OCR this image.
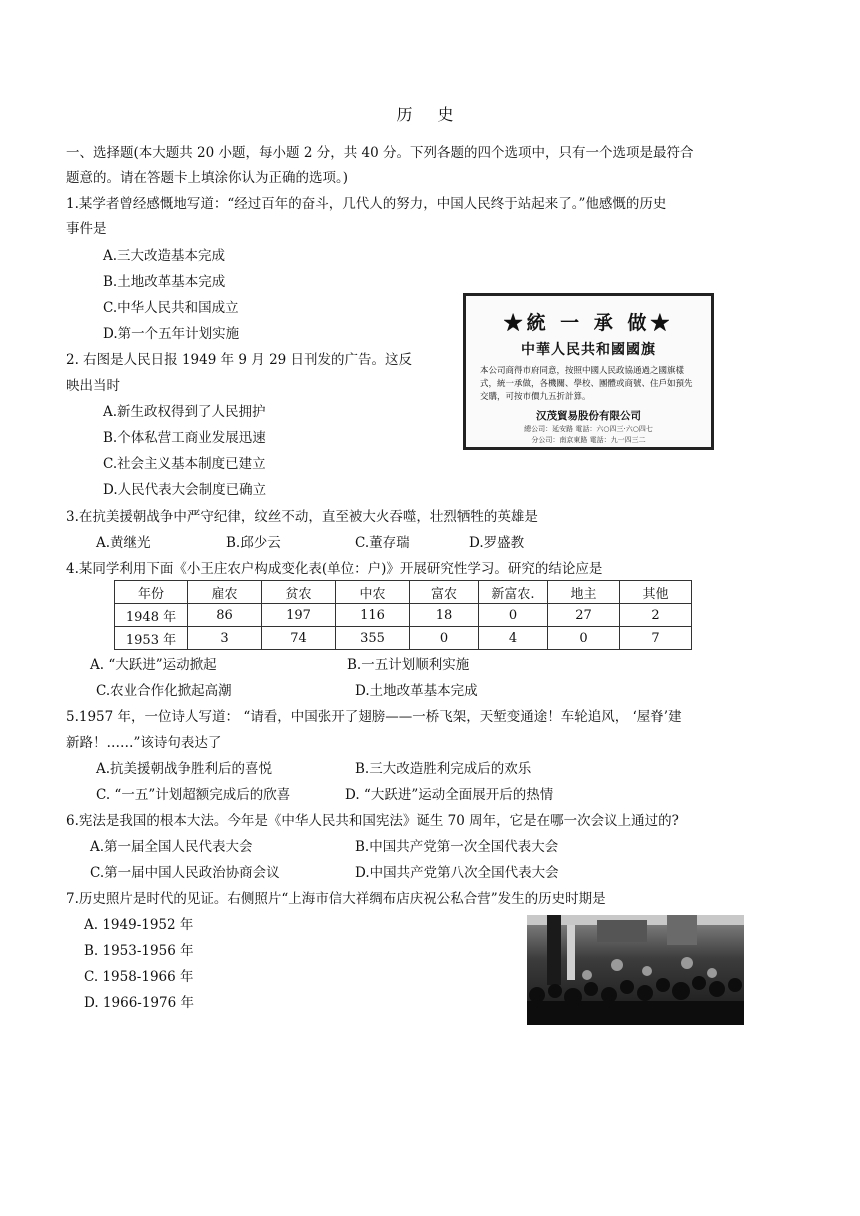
历 史
一、选择题(本大题共 20 小题，每小题 2 分，共 40 分。下列各题的四个选项中，只有一个选项是最符合
题意的。请在答题卡上填涂你认为正确的选项。)
1.某学者曾经感慨地写道：“经过百年的奋斗，几代人的努力，中国人民终于站起来了。”他感慨的历史
事件是
A.三大改造基本完成
B.土地改革基本完成
C.中华人民共和国成立
D.第一个五年计划实施
2. 右图是人民日报 1949 年 9 月 29 日刊发的广告。这反
映出当时
A.新生政权得到了人民拥护
B.个体私营工商业发展迅速
C.社会主义基本制度已建立
D.人民代表大会制度已确立
★統 一 承 做★
中華人民共和國國旗
本公司商得市府同意，按照中國人民政協通過之國旗樣式，統一承做，各機關、學校、團體或商號、住戶如預先交購，可按市價九五折計算。
汉茂貿易股份有限公司
總公司：延安路 電話：六○四三·六○四七
分公司：南京東路 電話：九一四三二
3.在抗美援朝战争中严守纪律，纹丝不动，直至被大火吞噬，壮烈牺牲的英雄是
A.黄继光	B.邱少云	C.董存瑞	D.罗盛教
4.某同学利用下面《小王庄农户构成变化表(单位：户)》开展研究性学习。研究的结论应是
年份	雇农	贫农	中农	富农	新富农.	地主	其他
1948 年	86	197	116	18	0	27	2
1953 年	3	74	355	0	4	0	7
A. “大跃进”运动掀起	B.一五计划顺利实施
C.农业合作化掀起高潮	D.土地改革基本完成
5.1957 年，一位诗人写道： “请看，中国张开了翅膀——一桥飞架，天堑变通途！车轮追风， ‘屋脊’建
新路！……”该诗句表达了
A.抗美援朝战争胜利后的喜悦	B.三大改造胜利完成后的欢乐
C. “一五”计划超额完成后的欣喜	D. “大跃进”运动全面展开后的热情
6.宪法是我国的根本大法。今年是《中华人民共和国宪法》诞生 70 周年，它是在哪一次会议上通过的?
A.第一届全国人民代表大会	B.中国共产党第一次全国代表大会
C.第一届中国人民政治协商会议	D.中国共产党第八次全国代表大会
7.历史照片是时代的见证。右侧照片“上海市信大祥绸布店庆祝公私合营”发生的历史时期是
A. 1949-1952 年
B. 1953-1956 年
C. 1958-1966 年
D. 1966-1976 年
